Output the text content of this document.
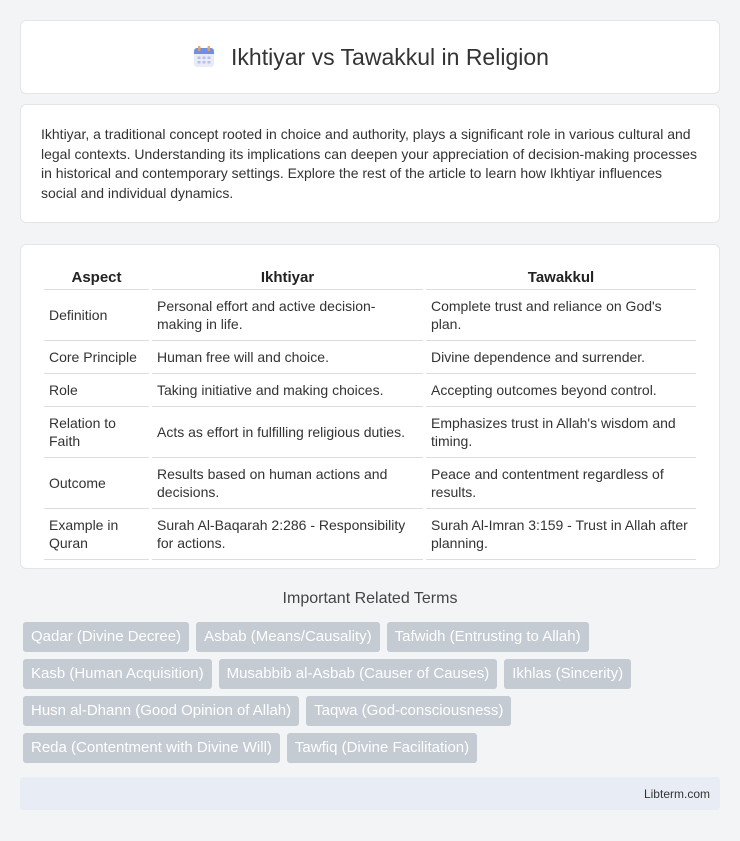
Ikhtiyar vs Tawakkul in Religion

Ikhtiyar, a traditional concept rooted in choice and authority, plays a significant role in various cultural and legal contexts. Understanding its implications can deepen your appreciation of decision-making processes in historical and contemporary settings. Explore the rest of the article to learn how Ikhtiyar influences social and individual dynamics.

Aspect	Ikhtiyar	Tawakkul
Definition	Personal effort and active decision-making in life.	Complete trust and reliance on God's plan.
Core Principle	Human free will and choice.	Divine dependence and surrender.
Role	Taking initiative and making choices.	Accepting outcomes beyond control.
Relation to Faith	Acts as effort in fulfilling religious duties.	Emphasizes trust in Allah's wisdom and timing.
Outcome	Results based on human actions and decisions.	Peace and contentment regardless of results.
Example in Quran	Surah Al-Baqarah 2:286 - Responsibility for actions.	Surah Al-Imran 3:159 - Trust in Allah after planning.
Important Related Terms
Qadar (Divine Decree)	Asbab (Means/Causality)	Tafwidh (Entrusting to Allah)
Kasb (Human Acquisition)	Musabbib al-Asbab (Causer of Causes)	Ikhlas (Sincerity)
Husn al-Dhann (Good Opinion of Allah)	Taqwa (God-consciousness)
Reda (Contentment with Divine Will)	Tawfiq (Divine Facilitation)
Libterm.com
